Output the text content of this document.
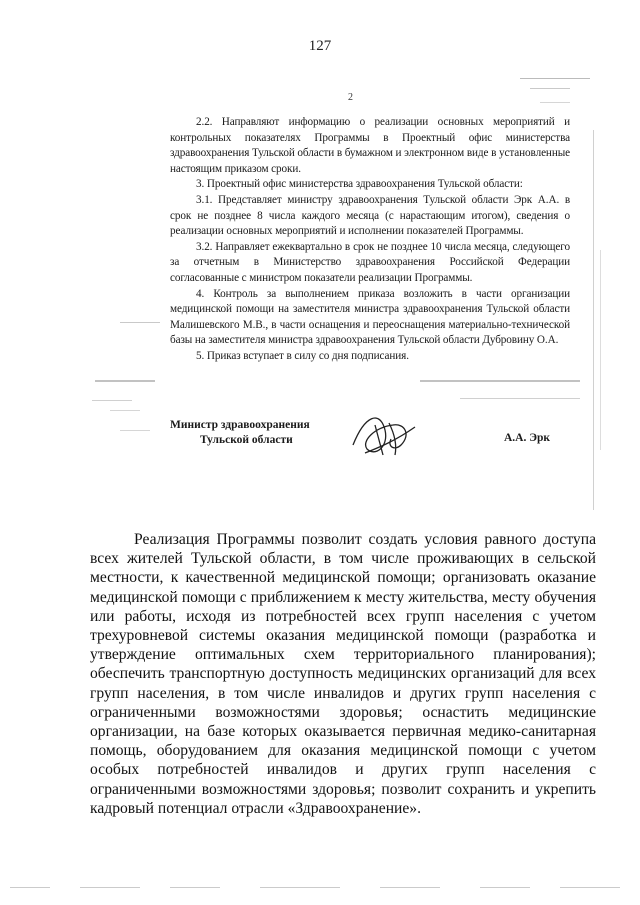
127
2

2.2. Направляют информацию о реализации основных мероприятий и контрольных показателях Программы в Проектный офис министерства здравоохранения Тульской области в бумажном и электронном виде в установленные настоящим приказом сроки.

3. Проектный офис министерства здравоохранения Тульской области:

3.1. Представляет министру здравоохранения Тульской области Эрк А.А. в срок не позднее 8 числа каждого месяца (с нарастающим итогом), сведения о реализации основных мероприятий и исполнении показателей Программы.

3.2. Направляет ежеквартально в срок не позднее 10 числа месяца, следующего за отчетным в Министерство здравоохранения Российской Федерации согласованные с министром показатели реализации Программы.

4. Контроль за выполнением приказа возложить в части организации медицинской помощи на заместителя министра здравоохранения Тульской области Малишевского М.В., в части оснащения и переоснащения материально-технической базы на заместителя министра здравоохранения Тульской области Дубровину О.А.

5. Приказ вступает в силу со дня подписания.

Министр здравоохранения
Тульской области	А.А. Эрк

Реализация Программы позволит создать условия равного доступа всех жителей Тульской области, в том числе проживающих в сельской местности, к качественной медицинской помощи; организовать оказание медицинской помощи с приближением к месту жительства, месту обучения или работы, исходя из потребностей всех групп населения с учетом трехуровневой системы оказания медицинской помощи (разработка и утверждение оптимальных схем территориального планирования); обеспечить транспортную доступность медицинских организаций для всех групп населения, в том числе инвалидов и других групп населения с ограниченными возможностями здоровья; оснастить медицинские организации, на базе которых оказывается первичная медико-санитарная помощь, оборудованием для оказания медицинской помощи с учетом особых потребностей инвалидов и других групп населения с ограниченными возможностями здоровья; позволит сохранить и укрепить кадровый потенциал отрасли «Здравоохранение».
